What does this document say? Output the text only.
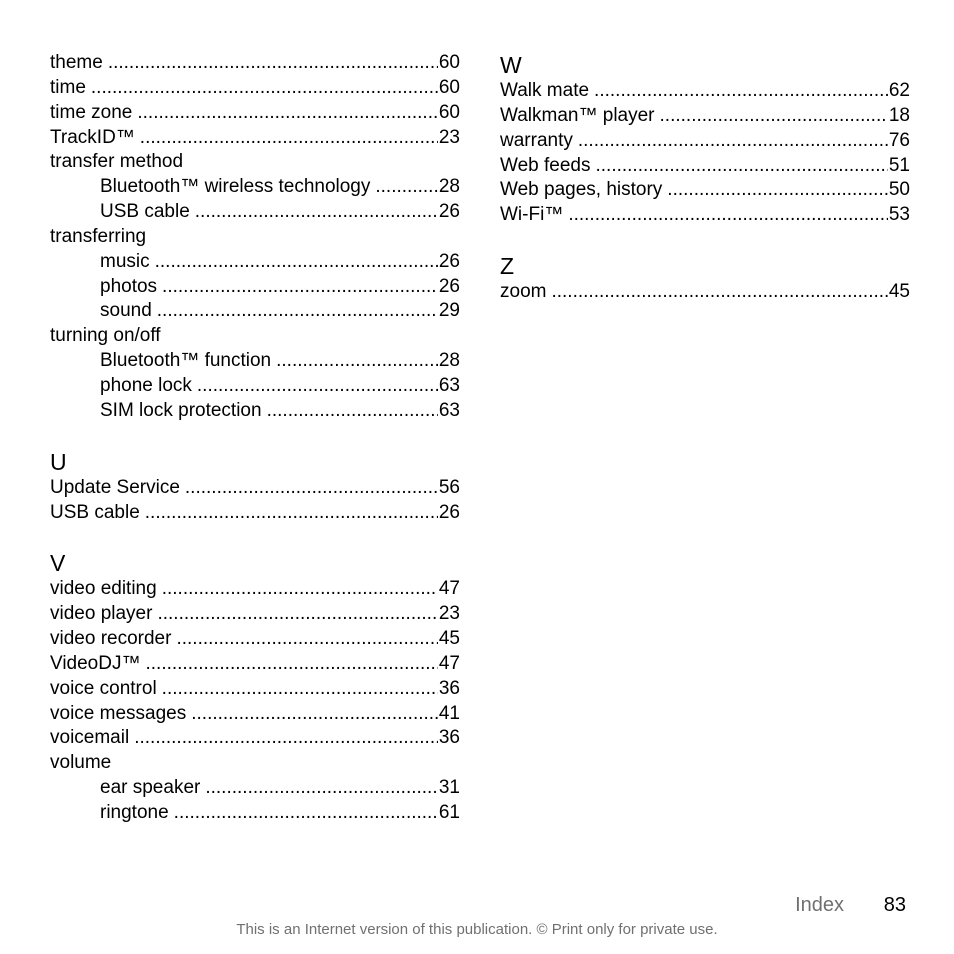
theme .....	60
time .....	60
time zone .....	60
TrackID™ .....	23
transfer method
Bluetooth™ wireless technology .....	28
USB cable .....	26
transferring
music .....	26
photos .....	26
sound .....	29
turning on/off
Bluetooth™ function .....	28
phone lock .....	63
SIM lock protection .....	63
U
Update Service .....	56
USB cable .....	26
V
video editing .....	47
video player .....	23
video recorder .....	45
VideoDJ™ .....	47
voice control .....	36
voice messages .....	41
voicemail .....	36
volume
ear speaker .....	31
ringtone .....	61
W
Walk mate .....	62
Walkman™ player .....	18
warranty .....	76
Web feeds .....	51
Web pages, history .....	50
Wi-Fi™ .....	53
Z
zoom .....	45
Index 83
This is an Internet version of this publication. © Print only for private use.
